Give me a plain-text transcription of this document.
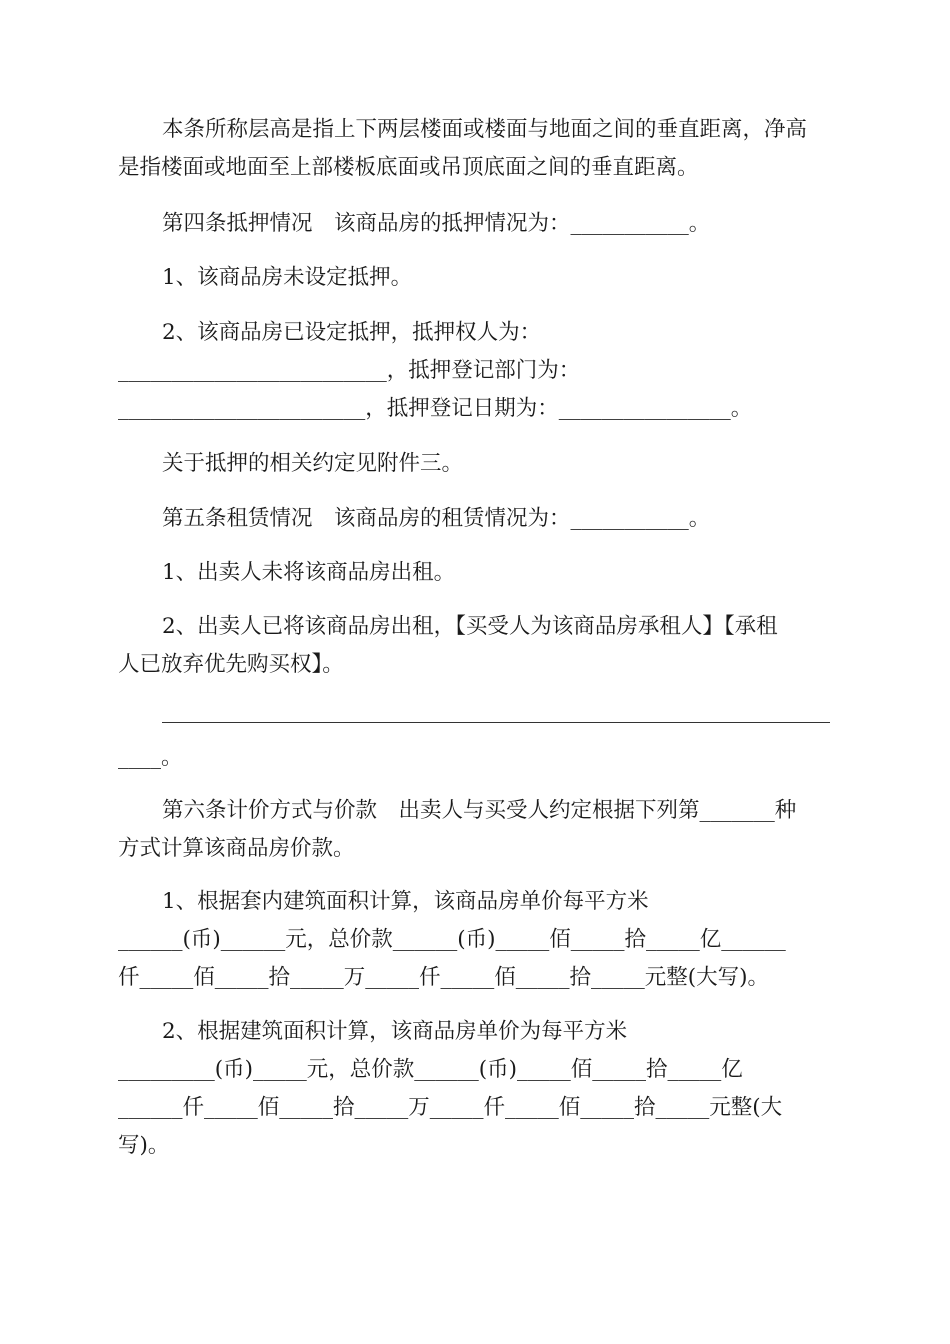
本条所称层高是指上下两层楼面或楼面与地面之间的垂直距离，净高
是指楼面或地面至上部楼板底面或吊顶底面之间的垂直距离。
第四条抵押情况　该商品房的抵押情况为：___________。
1、该商品房未设定抵押。
2、该商品房已设定抵押，抵押权人为：
_________________________，抵押登记部门为：
_______________________，抵押登记日期为：________________。
关于抵押的相关约定见附件三。
第五条租赁情况　该商品房的租赁情况为：___________。
1、出卖人未将该商品房出租。
2、出卖人已将该商品房出租，【买受人为该商品房承租人】【承租
人已放弃优先购买权】。
____。
第六条计价方式与价款　出卖人与买受人约定根据下列第_______种
方式计算该商品房价款。
1、根据套内建筑面积计算，该商品房单价每平方米
______(币)______元，总价款______(币)_____佰_____拾_____亿______
仟_____佰_____拾_____万_____仟_____佰_____拾_____元整(大写)。
2、根据建筑面积计算，该商品房单价为每平方米
_________(币)_____元，总价款______(币)_____佰_____拾_____亿
______仟_____佰_____拾_____万_____仟_____佰_____拾_____元整(大
写)。
